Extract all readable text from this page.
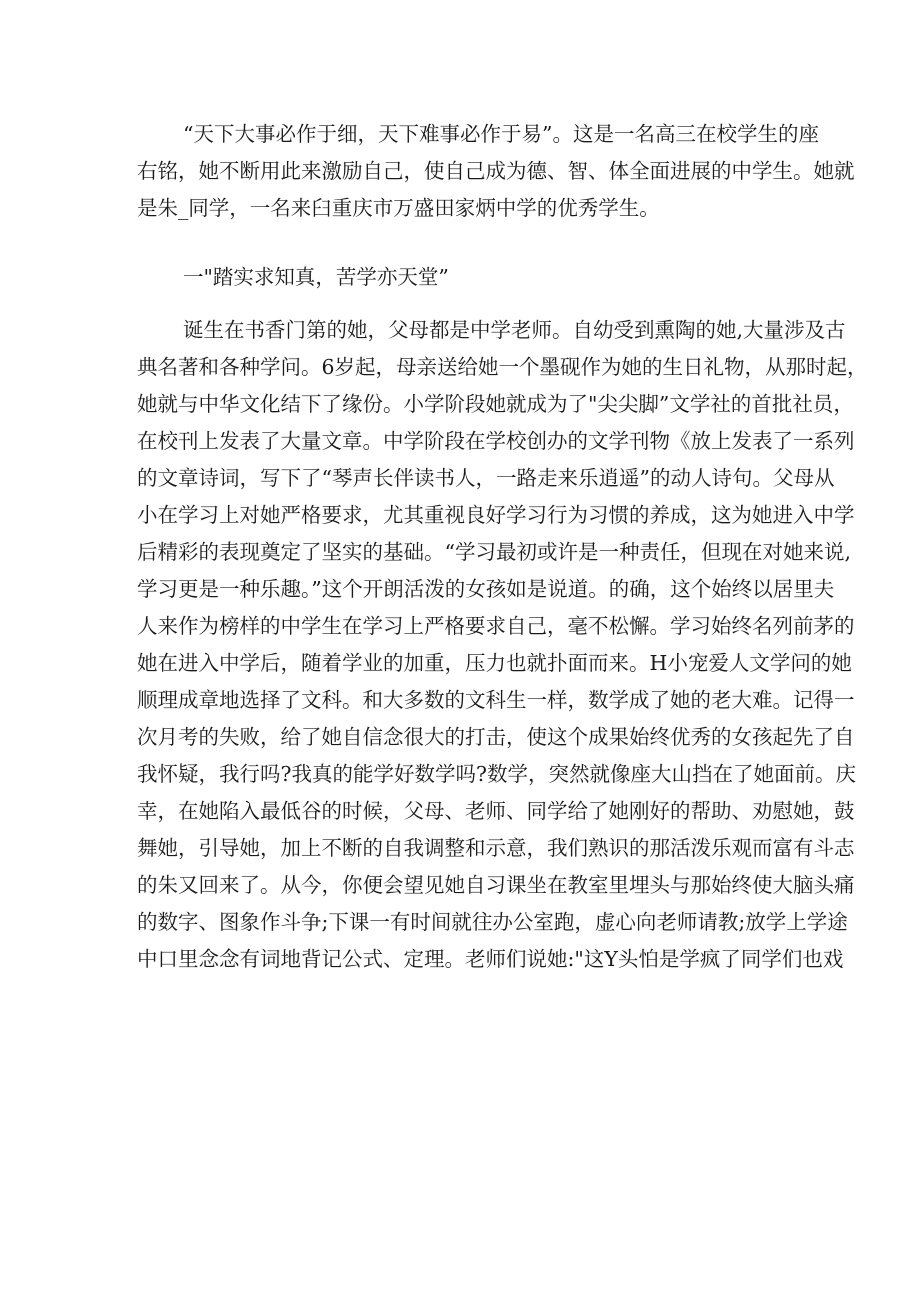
“天下大事必作于细，天下难事必作于易”。这是一名高三在校学生的座
右铭，她不断用此来激励自己，使自己成为德、智、体全面进展的中学生。她就
是朱_同学，一名来臼重庆市万盛田家炳中学的优秀学生。
一"踏实求知真，苦学亦天堂”
诞生在书香门第的她，父母都是中学老师。自幼受到熏陶的她,大量涉及古
典名著和各种学问。6岁起，母亲送给她一个墨砚作为她的生日礼物，从那时起，
她就与中华文化结下了缘份。小学阶段她就成为了"尖尖脚”文学社的首批社员，
在校刊上发表了大量文章。中学阶段在学校创办的文学刊物《放上发表了一系列
的文章诗词，写下了“琴声长伴读书人，一路走来乐逍遥”的动人诗句。父母从
小在学习上对她严格要求，尤其重视良好学习行为习惯的养成，这为她进入中学
后精彩的表现奠定了坚实的基础。“学习最初或许是一种责任，但现在对她来说,
学习更是一种乐趣。”这个开朗活泼的女孩如是说道。的确，这个始终以居里夫
人来作为榜样的中学生在学习上严格要求自己，毫不松懈。学习始终名列前茅的
她在进入中学后，随着学业的加重，压力也就扑面而来。H小宠爱人文学问的她
顺理成章地选择了文科。和大多数的文科生一样，数学成了她的老大难。记得一
次月考的失败，给了她自信念很大的打击，使这个成果始终优秀的女孩起先了自
我怀疑，我行吗?我真的能学好数学吗?数学，突然就像座大山挡在了她面前。庆
幸，在她陷入最低谷的时候，父母、老师、同学给了她刚好的帮助、劝慰她，鼓
舞她，引导她，加上不断的自我调整和示意，我们熟识的那活泼乐观而富有斗志
的朱又回来了。从今，你便会望见她自习课坐在教室里埋头与那始终使大脑头痛
的数字、图象作斗争;下课一有时间就往办公室跑，虚心向老师请教;放学上学途
中口里念念有词地背记公式、定理。老师们说她:"这Y头怕是学疯了同学们也戏
